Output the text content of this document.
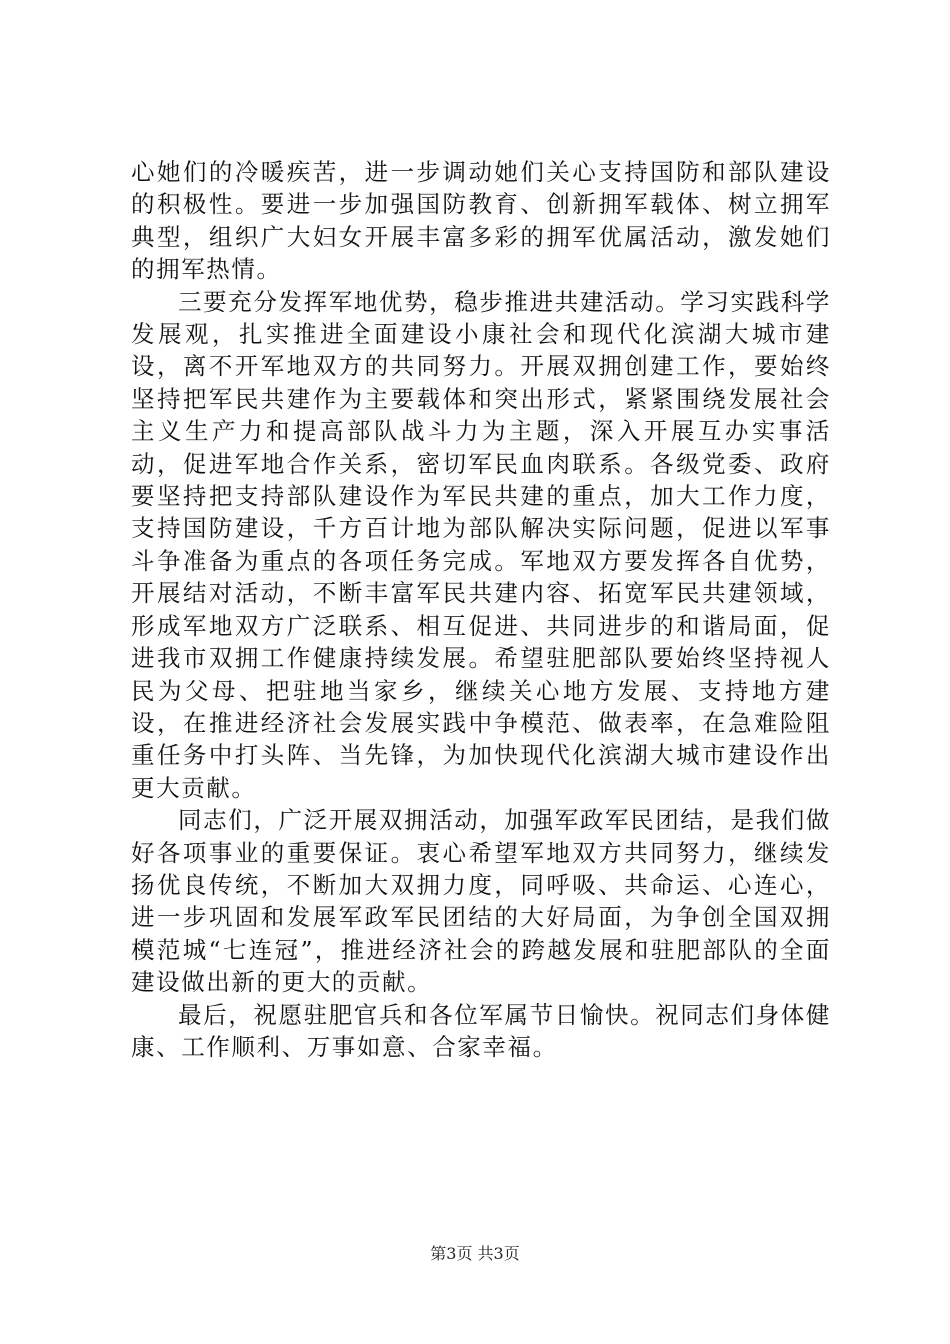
心她们的冷暖疾苦，进一步调动她们关心支持国防和部队建设的积极性。要进一步加强国防教育、创新拥军载体、树立拥军典型，组织广大妇女开展丰富多彩的拥军优属活动，激发她们的拥军热情。

三要充分发挥军地优势，稳步推进共建活动。学习实践科学发展观，扎实推进全面建设小康社会和现代化滨湖大城市建设，离不开军地双方的共同努力。开展双拥创建工作，要始终坚持把军民共建作为主要载体和突出形式，紧紧围绕发展社会主义生产力和提高部队战斗力为主题，深入开展互办实事活动，促进军地合作关系，密切军民血肉联系。各级党委、政府要坚持把支持部队建设作为军民共建的重点，加大工作力度，支持国防建设，千方百计地为部队解决实际问题，促进以军事斗争准备为重点的各项任务完成。军地双方要发挥各自优势，开展结对活动，不断丰富军民共建内容、拓宽军民共建领域，形成军地双方广泛联系、相互促进、共同进步的和谐局面，促进我市双拥工作健康持续发展。希望驻肥部队要始终坚持视人民为父母、把驻地当家乡，继续关心地方发展、支持地方建设，在推进经济社会发展实践中争模范、做表率，在急难险阻重任务中打头阵、当先锋，为加快现代化滨湖大城市建设作出更大贡献。

同志们，广泛开展双拥活动，加强军政军民团结，是我们做好各项事业的重要保证。衷心希望军地双方共同努力，继续发扬优良传统，不断加大双拥力度，同呼吸、共命运、心连心，进一步巩固和发展军政军民团结的大好局面，为争创全国双拥模范城“七连冠”，推进经济社会的跨越发展和驻肥部队的全面建设做出新的更大的贡献。

最后，祝愿驻肥官兵和各位军属节日愉快。祝同志们身体健康、工作顺利、万事如意、合家幸福。

第3页 共3页
